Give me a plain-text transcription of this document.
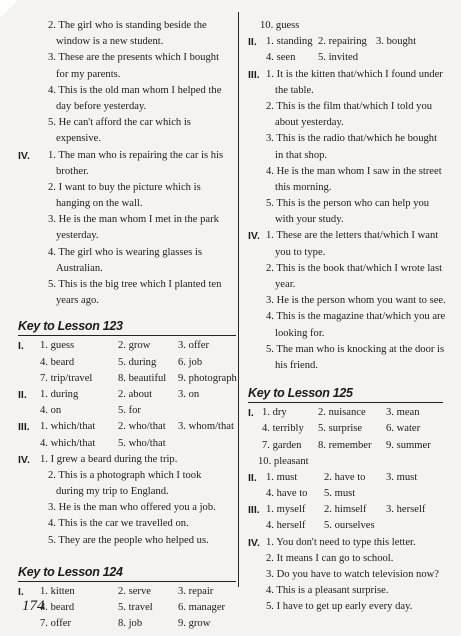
2. The girl who is standing beside the
window is a new student.
3. These are the presents which I bought
for my parents.
4. This is the old man whom I helped the
day before yesterday.
5. He can't afford the car which is
expensive.
IV. 1. The man who is repairing the car is his
brother.
2. I want to buy the picture which is
hanging on the wall.
3. He is the man whom I met in the park
yesterday.
4. The girl who is wearing glasses is
Australian.
5. This is the big tree which I planted ten
years ago.
Key to Lesson 123
I. 1. guess	2. grow	3. offer
4. beard	5. during 6. job
7. trip/travel 8. beautiful 9. photograph
II. 1. during	2. about 3. on
4. on	5. for
III. 1. which/that 2. who/that 3. whom/that
4. which/that 5. who/that
IV. 1. I grew a beard during the trip.
2. This is a photograph which I took
during my trip to England.
3. He is the man who offered you a job.
4. This is the car we travelled on.
5. They are the people who helped us.
Key to Lesson 124
I. 1. kitten	2. serve	3. repair
4. beard	5. travel 6. manager
7. offer	8. job	9. grow
10. guess
II. 1. standing 2. repairing 3. bought
4. seen 5. invited
III. 1. It is the kitten that/which I found under
the table.
2. This is the film that/which I told you
about yesterday.
3. This is the radio that/which he bought
in that shop.
4. He is the man whom I saw in the street
this morning.
5. This is the person who can help you
with your study.
IV. 1. These are the letters that/which I want
you to type.
2. This is the book that/which I wrote last
year.
3. He is the person whom you want to see.
4. This is the magazine that/which you are
looking for.
5. The man who is knocking at the door is
his friend.
Key to Lesson 125
I. 1. dry	2. nuisance 3. mean
4. terribly 5. surprise 6. water
7. garden 8. remember 9. summer
10. pleasant
II. 1. must	2. have to 3. must
4. have to 5. must
III. 1. myself 2. himself 3. herself
4. herself 5. ourselves
IV. 1. You don't need to type this letter.
2. It means I can go to school.
3. Do you have to watch television now?
4. This is a pleasant surprise.
5. I have to get up early every day.
174
